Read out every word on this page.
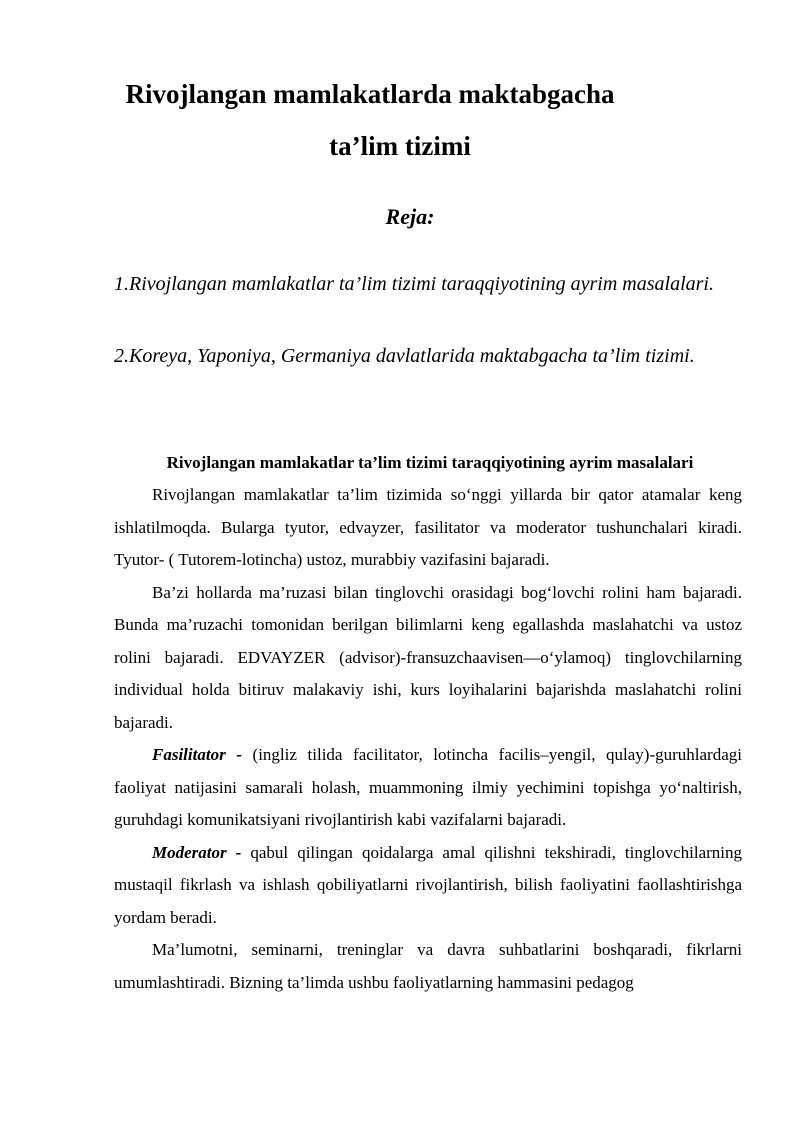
Rivojlangan mamlakatlarda maktabgacha
ta’lim tizimi
Reja:

1.Rivojlangan mamlakatlar ta’lim tizimi taraqqiyotining ayrim masalalari.

2.Koreya, Yaponiya, Germaniya davlatlarida maktabgacha ta’lim tizimi.

Rivojlangan mamlakatlar ta’lim tizimi taraqqiyotining ayrim masalalari

Rivojlangan mamlakatlar ta’lim tizimida so‘nggi yillarda bir qator atamalar keng ishlatilmoqda. Bularga tyutor, edvayzer, fasilitator va moderator tushunchalari kiradi. Tyutor- ( Tutorem-lotincha) ustoz, murabbiy vazifasini bajaradi.

Ba’zi hollarda ma’ruzasi bilan tinglovchi orasidagi bog‘lovchi rolini ham bajaradi. Bunda ma’ruzachi tomonidan berilgan bilimlarni keng egallashda maslahatchi va ustoz rolini bajaradi. EDVAYZER (advisor)-fransuzchaavisen—o‘ylamoq) tinglovchilarning individual holda bitiruv malakaviy ishi, kurs loyihalarini bajarishda maslahatchi rolini bajaradi.

Fasilitator - (ingliz tilida facilitator, lotincha facilis–yengil, qulay)-guruhlardagi faoliyat natijasini samarali holash, muammoning ilmiy yechimini topishga yo‘naltirish, guruhdagi komunikatsiyani rivojlantirish kabi vazifalarni bajaradi.

Moderator - qabul qilingan qoidalarga amal qilishni tekshiradi, tinglovchilarning mustaqil fikrlash va ishlash qobiliyatlarni rivojlantirish, bilish faoliyatini faollashtirishga yordam beradi.

Ma’lumotni, seminarni, treninglar va davra suhbatlarini boshqaradi, fikrlarni umumlashtiradi. Bizning ta’limda ushbu faoliyatlarning hammasini pedagog
